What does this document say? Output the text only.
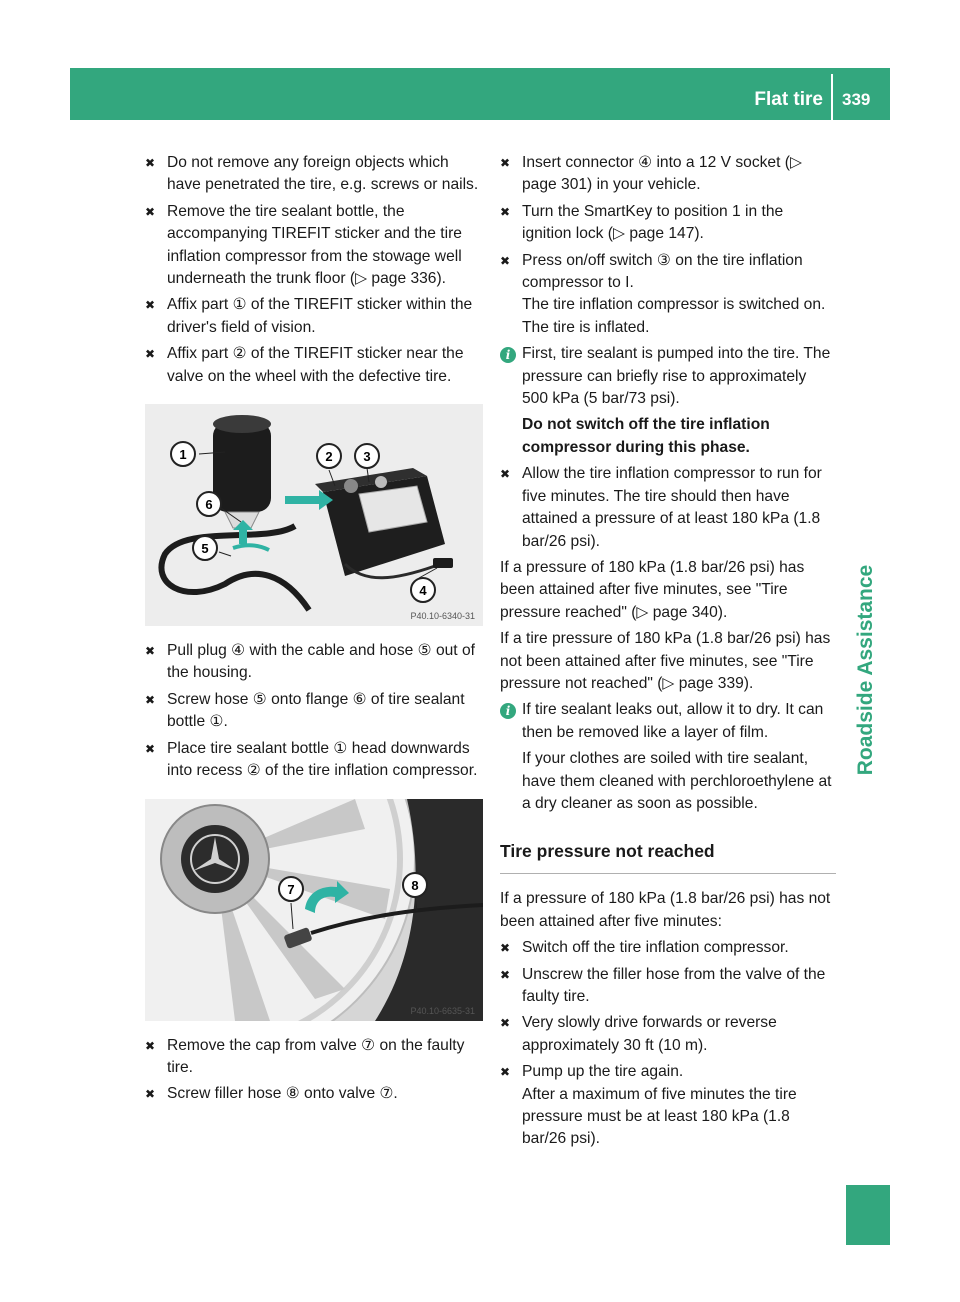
Flat tire 339
Roadside Assistance
✖ Do not remove any foreign objects which have penetrated the tire, e.g. screws or nails.
✖ Remove the tire sealant bottle, the accompanying TIREFIT sticker and the tire inflation compressor from the stowage well underneath the trunk floor (▷ page 336).
✖ Affix part ① of the TIREFIT sticker within the driver's field of vision.
✖ Affix part ② of the TIREFIT sticker near the valve on the wheel with the defective tire.
1	2 3
4
5
6
P40.10-6340-31
✖ Pull plug ④ with the cable and hose ⑤ out of the housing.
✖ Screw hose ⑤ onto flange ⑥ of tire sealant bottle ①.
✖ Place tire sealant bottle ① head downwards into recess ② of the tire inflation compressor.
7	8
P40.10-6635-31
✖ Remove the cap from valve ⑦ on the faulty tire.
✖ Screw filler hose ⑧ onto valve ⑦.
✖ Insert connector ④ into a 12 V socket (▷ page 301) in your vehicle.
✖ Turn the SmartKey to position 1 in the ignition lock (▷ page 147).
✖ Press on/off switch ③ on the tire inflation compressor to I.
The tire inflation compressor is switched on. The tire is inflated.
i First, tire sealant is pumped into the tire. The pressure can briefly rise to approximately 500 kPa (5 bar/73 psi).

Do not switch off the tire inflation compressor during this phase.

✖ Allow the tire inflation compressor to run for five minutes. The tire should then have attained a pressure of at least 180 kPa (1.8 bar/26 psi).

If a pressure of 180 kPa (1.8 bar/26 psi) has been attained after five minutes, see "Tire pressure reached" (▷ page 340).

If a tire pressure of 180 kPa (1.8 bar/26 psi) has not been attained after five minutes, see "Tire pressure not reached" (▷ page 339).

i If tire sealant leaks out, allow it to dry. It can then be removed like a layer of film.

If your clothes are soiled with tire sealant, have them cleaned with perchloroethylene at a dry cleaner as soon as possible.

Tire pressure not reached

If a pressure of 180 kPa (1.8 bar/26 psi) has not been attained after five minutes:

✖ Switch off the tire inflation compressor.
✖ Unscrew the filler hose from the valve of the faulty tire.
✖ Very slowly drive forwards or reverse approximately 30 ft (10 m).
✖ Pump up the tire again.
After a maximum of five minutes the tire pressure must be at least 180 kPa (1.8 bar/26 psi).
